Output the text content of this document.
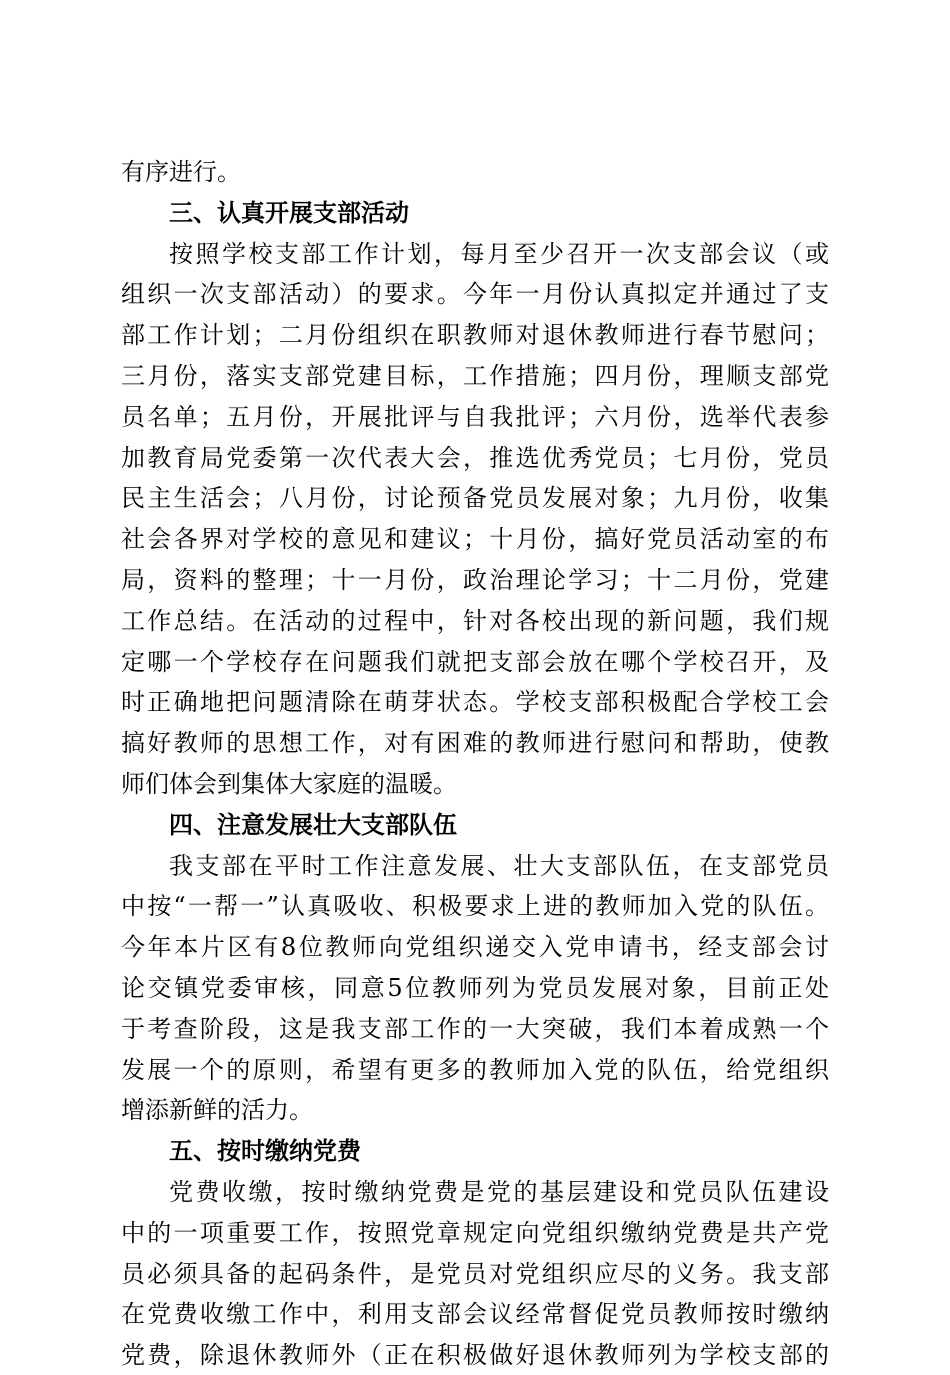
有序进行。
三、认真开展支部活动
按照学校支部工作计划，每月至少召开一次支部会议（或
组织一次支部活动）的要求。今年一月份认真拟定并通过了支
部工作计划；二月份组织在职教师对退休教师进行春节慰问；
三月份，落实支部党建目标，工作措施；四月份，理顺支部党
员名单；五月份，开展批评与自我批评；六月份，选举代表参
加教育局党委第一次代表大会，推选优秀党员；七月份，党员
民主生活会；八月份，讨论预备党员发展对象；九月份，收集
社会各界对学校的意见和建议；十月份，搞好党员活动室的布
局，资料的整理；十一月份，政治理论学习；十二月份，党建
工作总结。在活动的过程中，针对各校出现的新问题，我们规
定哪一个学校存在问题我们就把支部会放在哪个学校召开，及
时正确地把问题清除在萌芽状态。学校支部积极配合学校工会
搞好教师的思想工作，对有困难的教师进行慰问和帮助，使教
师们体会到集体大家庭的温暖。
四、注意发展壮大支部队伍
我支部在平时工作注意发展、壮大支部队伍，在支部党员
中按“一帮一”认真吸收、积极要求上进的教师加入党的队伍。
今年本片区有8位教师向党组织递交入党申请书，经支部会讨
论交镇党委审核，同意5位教师列为党员发展对象，目前正处
于考查阶段，这是我支部工作的一大突破，我们本着成熟一个
发展一个的原则，希望有更多的教师加入党的队伍，给党组织
增添新鲜的活力。
五、按时缴纳党费
党费收缴，按时缴纳党费是党的基层建设和党员队伍建设
中的一项重要工作，按照党章规定向党组织缴纳党费是共产党
员必须具备的起码条件，是党员对党组织应尽的义务。我支部
在党费收缴工作中，利用支部会议经常督促党员教师按时缴纳
党费，除退休教师外（正在积极做好退休教师列为学校支部的
